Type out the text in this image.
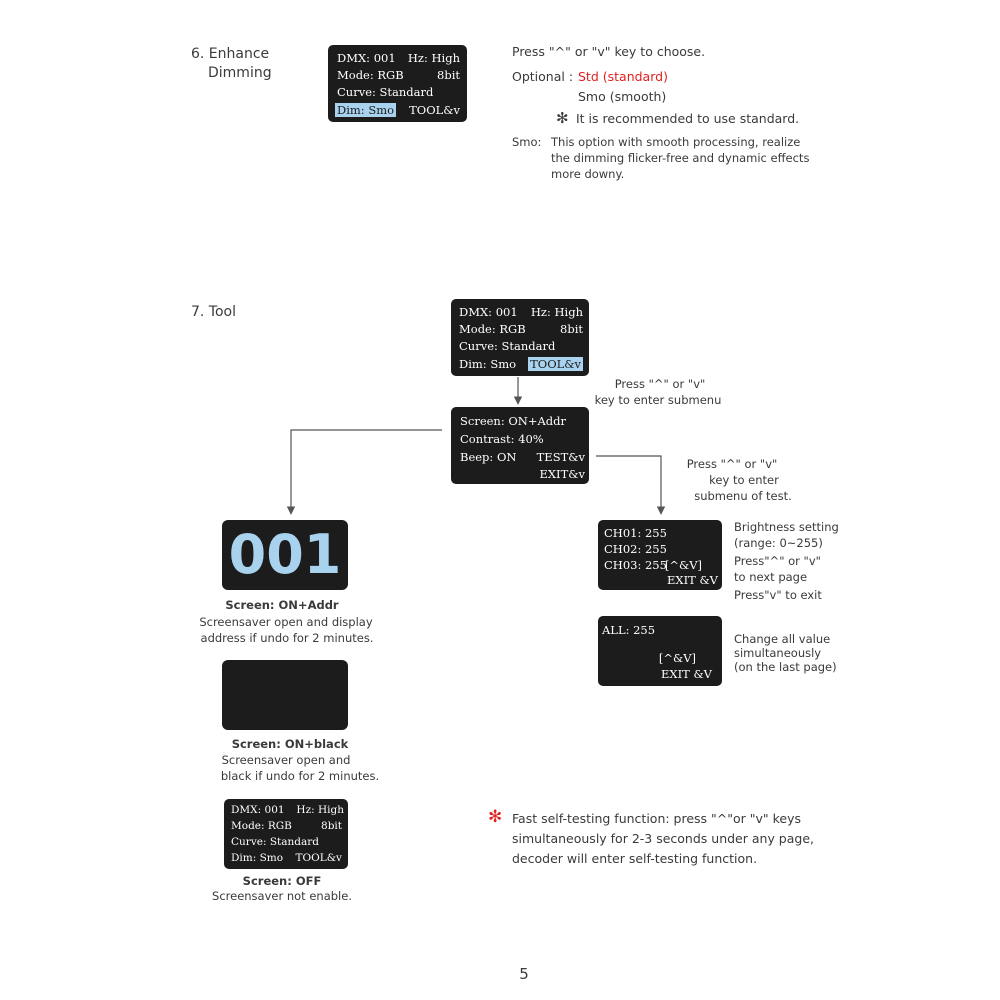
6. Enhance
Dimming
DMX: 001 Hz: High
Mode: RGB	8bit
Curve: Standard
Dim: Smo TOOL&v
Press "^" or "v" key to choose.
Optional : Std (standard)
Smo (smooth)
✻ It is recommended to use standard.
Smo: This option with smooth processing, realize
the dimming flicker-free and dynamic effects
more downy.
7. Tool	DMX: 001 Hz: High
Mode: RGB	8bit
Curve: Standard
Dim: Smo TOOL&v
Press "^" or "v"
key to enter submenu
Screen: ON+Addr
Contrast: 40%
Beep: ON TEST&v
EXIT&v
Press "^" or "v"
key to enter
submenu of test.
001
Screen: ON+Addr
Screensaver open and display
address if undo for 2 minutes.
Screen: ON+black
Screensaver open and
black if undo for 2 minutes.
DMX: 001 Hz: High
Mode: RGB	8bit
Curve: Standard
Dim: Smo TOOL&v
Screen: OFF
Screensaver not enable.
CH01: 255
CH02: 255
CH03: 255
[^&V]
EXIT &V
Brightness setting
(range: 0~255)
Press"^" or "v"
to next page
Press"v" to exit
ALL: 255
[^&V]
EXIT &V
Change all value
simultaneously
(on the last page)
✻ Fast self-testing function: press "^"or "v" keys
simultaneously for 2-3 seconds under any page,
decoder will enter self-testing function.
5
